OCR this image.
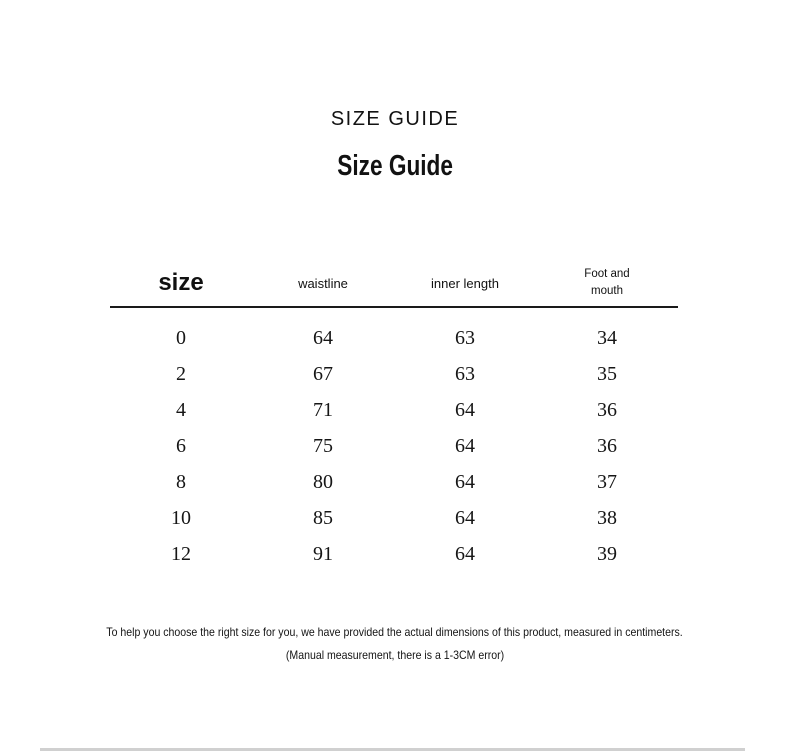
SIZE GUIDE
Size Guide
size	waistline	inner length	Foot and mouth
0	64	63	34
2	67	63	35
4	71	64	36
6	75	64	36
8	80	64	37
10	85	64	38
12	91	64	39
To help you choose the right size for you, we have provided the actual dimensions of this product, measured in centimeters.
(Manual measurement, there is a 1-3CM error)
